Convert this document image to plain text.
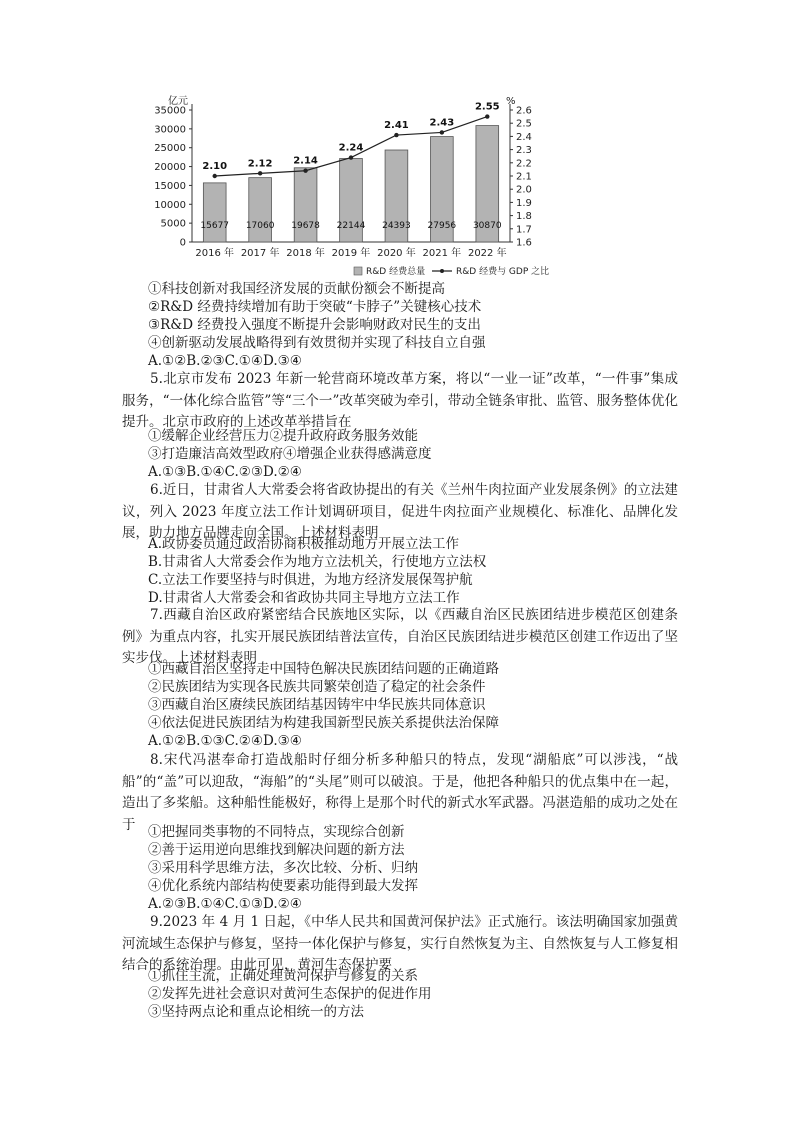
亿元	%
0
5000
10000
15000
20000
25000
30000
35000
1.6
1.7
1.8
1.9
2.0
2.1
2.2
2.3
2.4
2.5
2.6
15677 17060 19678 22144 24393 27956 30870
2016 年 2017 年 2018 年 2019 年 2020 年 2021 年 2022 年
2.10 2.12 2.14
2.24
2.41 2.43
2.55
R&D 经费总量	R&D 经费与 GDP 之比
①科技创新对我国经济发展的贡献份额会不断提高
②R&D 经费持续增加有助于突破“卡脖子”关键核心技术
③R&D 经费投入强度不断提升会影响财政对民生的支出
④创新驱动发展战略得到有效贯彻并实现了科技自立自强
A.①②B.②③C.①④D.③④
5.北京市发布 2023 年新一轮营商环境改革方案，将以“一业一证”改革，“一件事”集成服务，“一体化综合监管”等“三个一”改革突破为牵引，带动全链条审批、监管、服务整体优化提升。北京市政府的上述改革举措旨在
①缓解企业经营压力②提升政府政务服务效能
③打造廉洁高效型政府④增强企业获得感满意度
A.①③B.①④C.②③D.②④
6.近日，甘肃省人大常委会将省政协提出的有关《兰州牛肉拉面产业发展条例》的立法建议，列入 2023 年度立法工作计划调研项目，促进牛肉拉面产业规模化、标准化、品牌化发展，助力地方品牌走向全国。上述材料表明
A.政协委员通过政治协商积极推动地方开展立法工作
B.甘肃省人大常委会作为地方立法机关，行使地方立法权
C.立法工作要坚持与时俱进，为地方经济发展保驾护航
D.甘肃省人大常委会和省政协共同主导地方立法工作
7.西藏自治区政府紧密结合民族地区实际，以《西藏自治区民族团结进步模范区创建条例》为重点内容，扎实开展民族团结普法宣传，自治区民族团结进步模范区创建工作迈出了坚实步伐。上述材料表明
①西藏自治区坚持走中国特色解决民族团结问题的正确道路
②民族团结为实现各民族共同繁荣创造了稳定的社会条件
③西藏自治区赓续民族团结基因铸牢中华民族共同体意识
④依法促进民族团结为构建我国新型民族关系提供法治保障
A.①②B.①③C.②④D.③④
8.宋代冯湛奉命打造战船时仔细分析多种船只的特点，发现“湖船底”可以涉浅，“战船”的“盖”可以迎敌，“海船”的“头尾”则可以破浪。于是，他把各种船只的优点集中在一起，造出了多桨船。这种船性能极好，称得上是那个时代的新式水军武器。冯湛造船的成功之处在于 ①把握同类事物的不同特点，实现综合创新
②善于运用逆向思维找到解决问题的新方法
③采用科学思维方法，多次比较、分析、归纳
④优化系统内部结构使要素功能得到最大发挥
A.②③B.①④C.①③D.②④
9.2023 年 4 月 1 日起，《中华人民共和国黄河保护法》正式施行。该法明确国家加强黄河流域生态保护与修复，坚持一体化保护与修复，实行自然恢复为主、自然恢复与人工修复相结合的系统治理。由此可见，黄河生态保护要
①抓住主流，正确处理黄河保护与修复的关系
②发挥先进社会意识对黄河生态保护的促进作用
③坚持两点论和重点论相统一的方法
